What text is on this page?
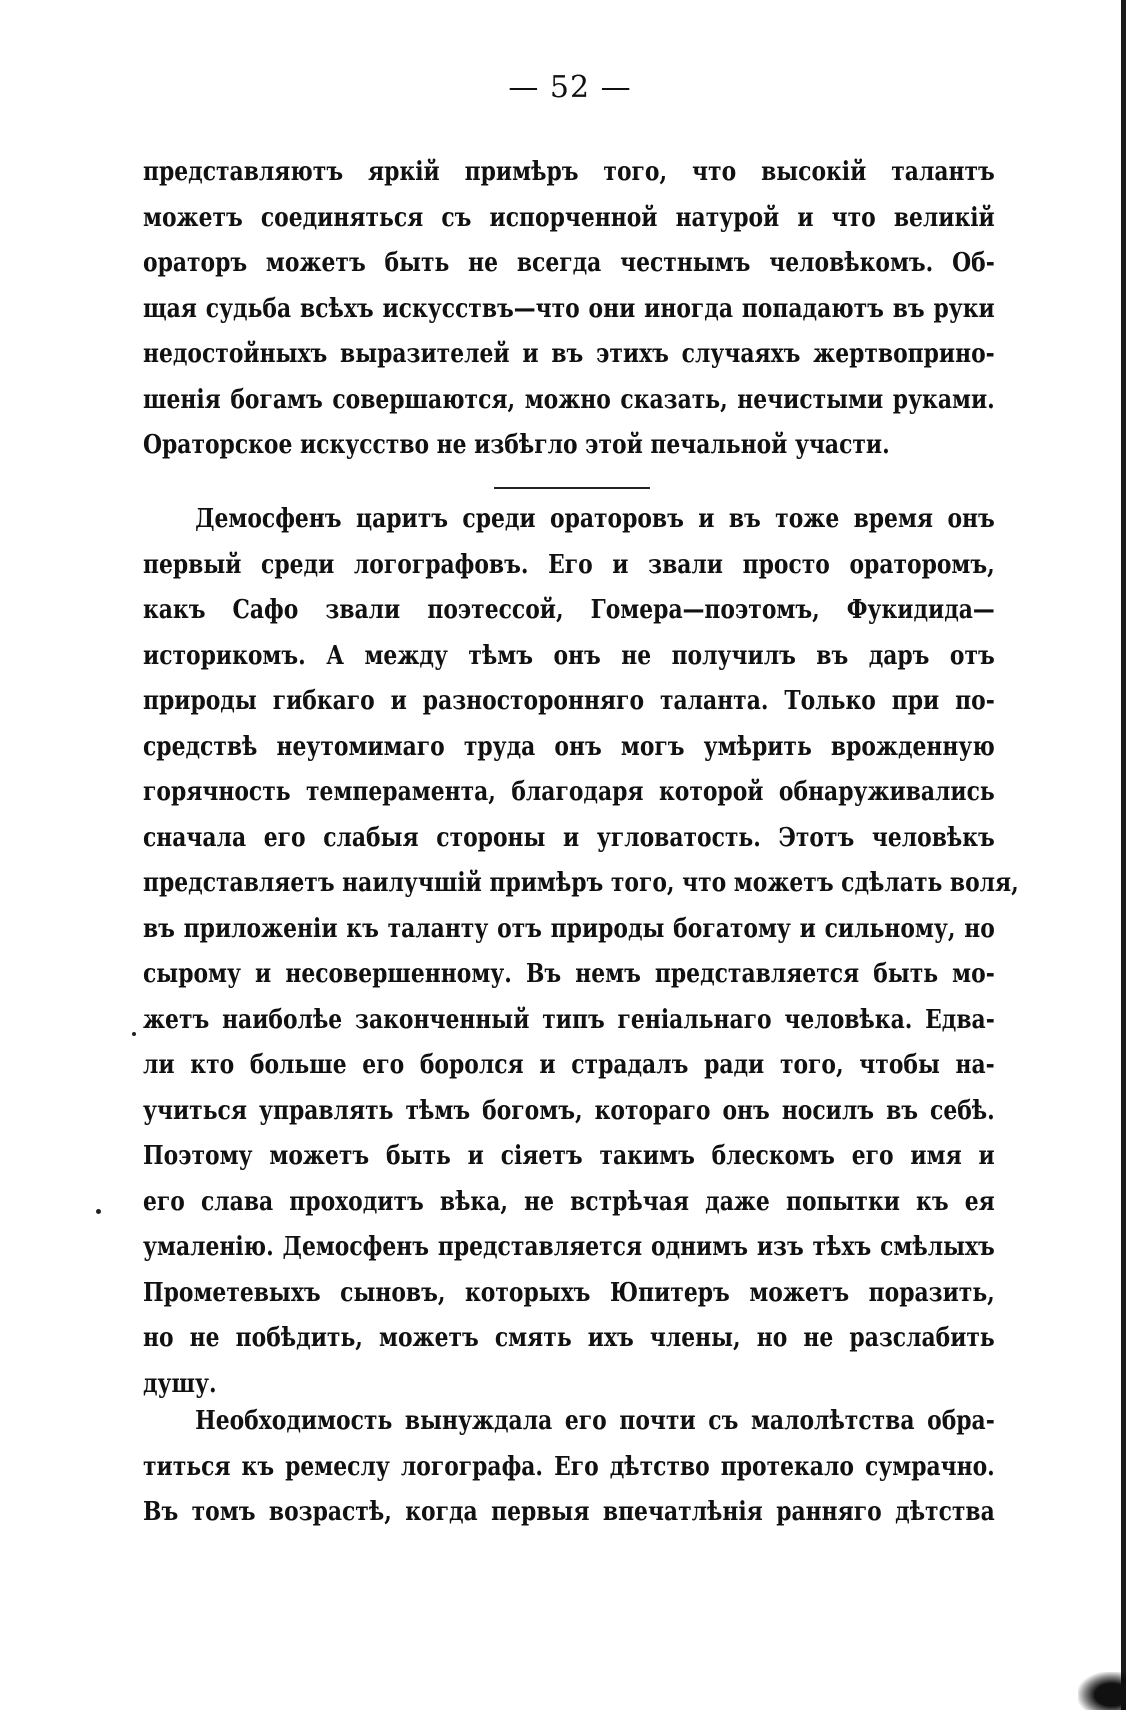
— 52 —
представляютъ яркій примѣръ того, что высокій талантъ
можетъ соединяться съ испорченной натурой и что великій
ораторъ можетъ быть не всегда честнымъ человѣкомъ. Об-
щая судьба всѣхъ искусствъ—что они иногда попадаютъ въ руки
недостойныхъ выразителей и въ этихъ случаяхъ жертвоприно-
шенія богамъ совершаются, можно сказать, нечистыми руками.
Ораторское искусство не избѣгло этой печальной участи.
Демосфенъ царитъ среди ораторовъ и въ тоже время онъ
первый среди логографовъ. Его и звали просто ораторомъ,
какъ Сафо звали поэтессой, Гомера—поэтомъ, Фукидида—
историкомъ. А между тѣмъ онъ не получилъ въ даръ отъ
природы гибкаго и разносторонняго таланта. Только при по-
средствѣ неутомимаго труда онъ могъ умѣрить врожденную
горячность темперамента, благодаря которой обнаруживались
сначала его слабыя стороны и угловатость. Этотъ человѣкъ
представляетъ наилучшій примѣръ того, что можетъ сдѣлать воля,
въ приложеніи къ таланту отъ природы богатому и сильному, но
сырому и несовершенному. Въ немъ представляется быть мо-
жетъ наиболѣе законченный типъ геніальнаго человѣка. Едва-
ли кто больше его боролся и страдалъ ради того, чтобы на-
учиться управлять тѣмъ богомъ, котораго онъ носилъ въ себѣ.
Поэтому можетъ быть и сіяетъ такимъ блескомъ его имя и
его слава проходитъ вѣка, не встрѣчая даже попытки къ ея
умаленію. Демосфенъ представляется однимъ изъ тѣхъ смѣлыхъ
Прометевыхъ сыновъ, которыхъ Юпитеръ можетъ поразить,
но не побѣдить, можетъ смять ихъ члены, но не разслабить
душу.
Необходимость вынуждала его почти съ малолѣтства обра-
титься къ ремеслу логографа. Его дѣтство протекало сумрачно.
Въ томъ возрастѣ, когда первыя впечатлѣнія ранняго дѣтства
